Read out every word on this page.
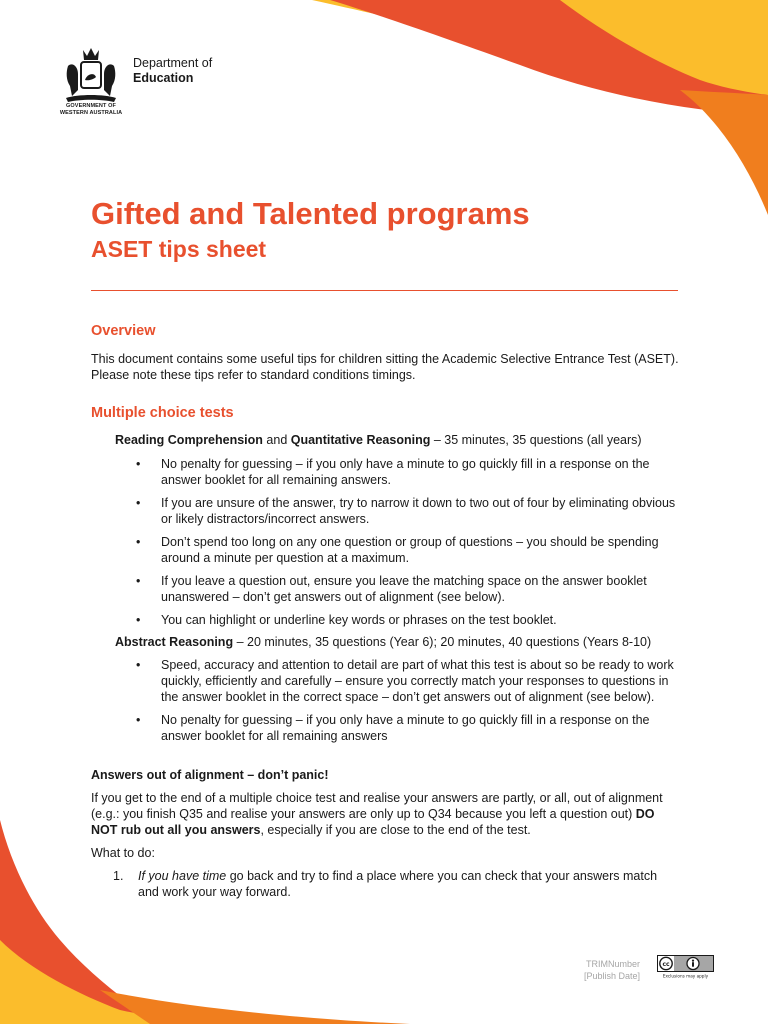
Department of
Education
GOVERNMENT OF
WESTERN AUSTRALIA
Gifted and Talented programs
ASET tips sheet
Overview

This document contains some useful tips for children sitting the Academic Selective Entrance Test (ASET). Please note these tips refer to standard conditions timings.

Multiple choice tests

Reading Comprehension and Quantitative Reasoning – 35 minutes, 35 questions (all years)

• No penalty for guessing – if you only have a minute to go quickly fill in a response on the answer booklet for all remaining answers.
• If you are unsure of the answer, try to narrow it down to two out of four by eliminating obvious or likely distractors/incorrect answers.
• Don’t spend too long on any one question or group of questions – you should be spending around a minute per question at a maximum.
• If you leave a question out, ensure you leave the matching space on the answer booklet unanswered – don’t get answers out of alignment (see below).
• You can highlight or underline key words or phrases on the test booklet.

Abstract Reasoning – 20 minutes, 35 questions (Year 6); 20 minutes, 40 questions (Years 8-10)

• Speed, accuracy and attention to detail are part of what this test is about so be ready to work quickly, efficiently and carefully – ensure you correctly match your responses to questions in the answer booklet in the correct space – don’t get answers out of alignment (see below).
• No penalty for guessing – if you only have a minute to go quickly fill in a response on the answer booklet for all remaining answers

Answers out of alignment – don’t panic!

If you get to the end of a multiple choice test and realise your answers are partly, or all, out of alignment (e.g.: you finish Q35 and realise your answers are only up to Q34 because you left a question out) DO NOT rub out all you answers, especially if you are close to the end of the test.

What to do:

1. If you have time go back and try to find a place where you can check that your answers match and work your way forward.
TRIMNumber
[Publish Date]
cc
Exclusions may apply
